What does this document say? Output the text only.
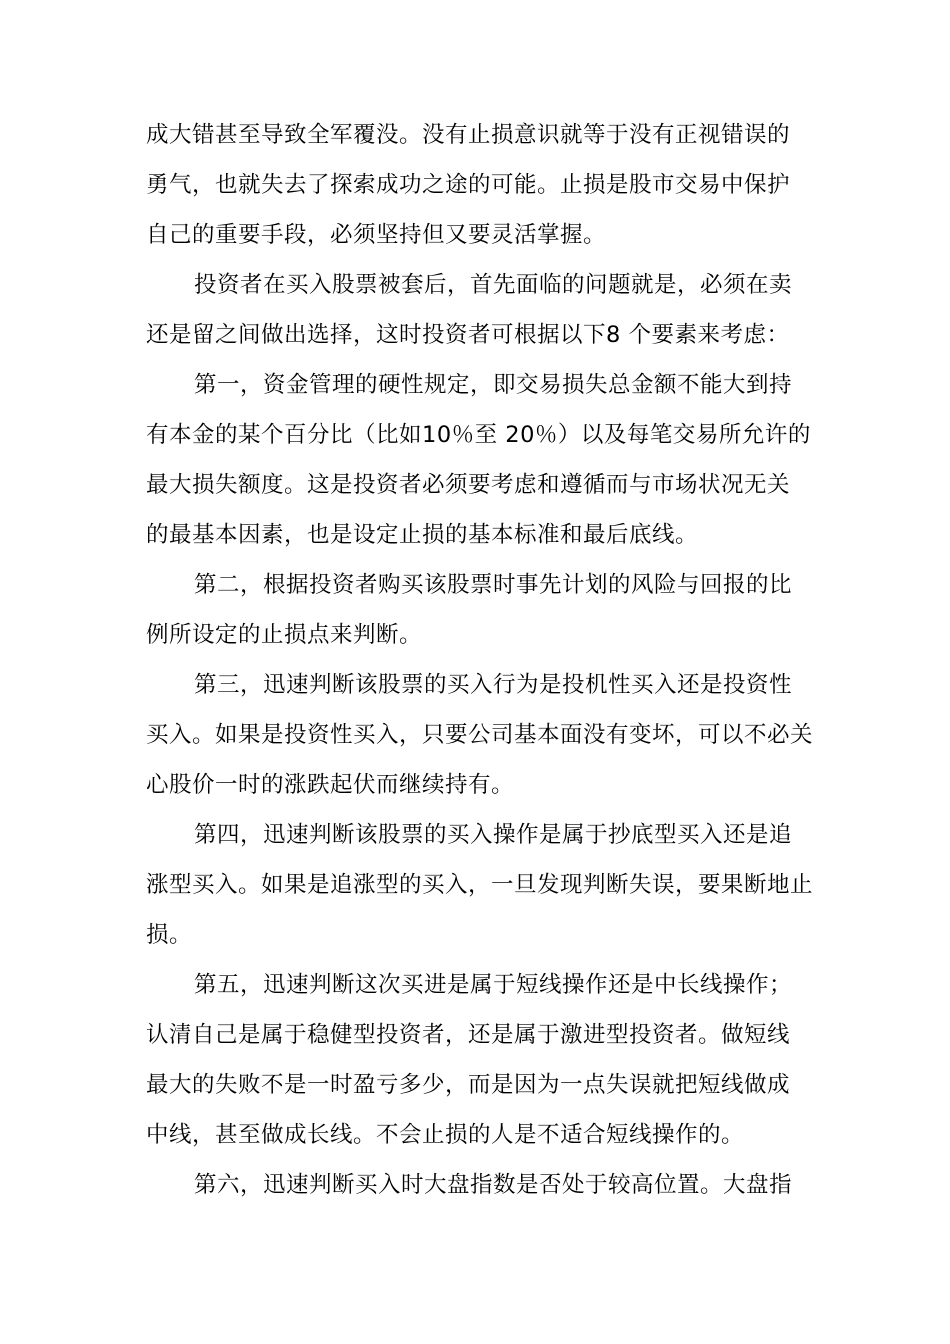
成大错甚至导致全军覆没。没有止损意识就等于没有正视错误的
勇气，也就失去了探索成功之途的可能。止损是股市交易中保护
自己的重要手段，必须坚持但又要灵活掌握。
投资者在买入股票被套后，首先面临的问题就是，必须在卖
还是留之间做出选择，这时投资者可根据以下8 个要素来考虑：
第一，资金管理的硬性规定，即交易损失总金额不能大到持
有本金的某个百分比（比如10％至 20％）以及每笔交易所允许的
最大损失额度。这是投资者必须要考虑和遵循而与市场状况无关
的最基本因素，也是设定止损的基本标准和最后底线。
第二，根据投资者购买该股票时事先计划的风险与回报的比
例所设定的止损点来判断。
第三，迅速判断该股票的买入行为是投机性买入还是投资性
买入。如果是投资性买入，只要公司基本面没有变坏，可以不必关
心股价一时的涨跌起伏而继续持有。
第四，迅速判断该股票的买入操作是属于抄底型买入还是追
涨型买入。如果是追涨型的买入，一旦发现判断失误，要果断地止
损。
第五，迅速判断这次买进是属于短线操作还是中长线操作；
认清自己是属于稳健型投资者，还是属于激进型投资者。做短线
最大的失败不是一时盈亏多少，而是因为一点失误就把短线做成
中线，甚至做成长线。不会止损的人是不适合短线操作的。
第六，迅速判断买入时大盘指数是否处于较高位置。大盘指
